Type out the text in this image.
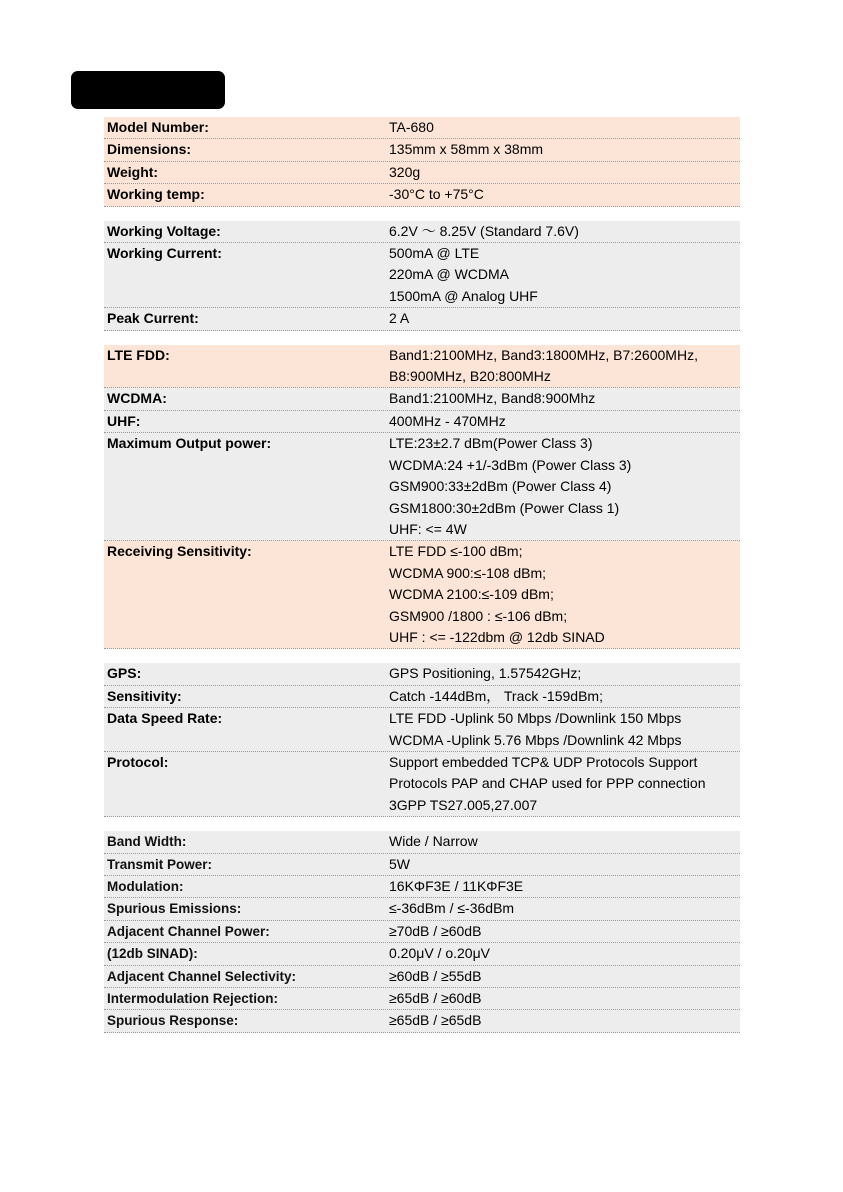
Model Number:	TA-680
Dimensions:	135mm x 58mm x 38mm
Weight:	320g
Working temp:	-30°C to +75°C
Working Voltage:	6.2V ～ 8.25V (Standard 7.6V)
Working Current:	500mA @ LTE
220mA @ WCDMA
1500mA @ Analog UHF
Peak Current:	2 A
LTE FDD:	Band1:2100MHz, Band3:1800MHz, B7:2600MHz,
B8:900MHz, B20:800MHz
WCDMA:	Band1:2100MHz, Band8:900Mhz
UHF:	400MHz - 470MHz
Maximum Output power:	LTE:23±2.7 dBm(Power Class 3)
WCDMA:24 +1/-3dBm (Power Class 3)
GSM900:33±2dBm (Power Class 4)
GSM1800:30±2dBm (Power Class 1)
UHF: <= 4W
Receiving Sensitivity:	LTE FDD ≤-100 dBm;
WCDMA 900:≤-108 dBm;
WCDMA 2100:≤-109 dBm;
GSM900 /1800 : ≤-106 dBm;
UHF : <= -122dbm @ 12db SINAD
GPS:	GPS Positioning, 1.57542GHz;
Sensitivity:	Catch -144dBm， Track -159dBm;
Data Speed Rate:	LTE FDD -Uplink 50 Mbps /Downlink 150 Mbps
WCDMA -Uplink 5.76 Mbps /Downlink 42 Mbps
Protocol:	Support embedded TCP& UDP Protocols Support
Protocols PAP and CHAP used for PPP connection
3GPP TS27.005,27.007
Band Width:	Wide / Narrow
Transmit Power:	5W
Modulation:	16KΦF3E / 11KΦF3E
Spurious Emissions:	≤-36dBm / ≤-36dBm
Adjacent Channel Power:	≥70dB / ≥60dB
(12db SINAD):	0.20μV / o.20μV
Adjacent Channel Selectivity:	≥60dB / ≥55dB
Intermodulation Rejection:	≥65dB / ≥60dB
Spurious Response:	≥65dB / ≥65dB
